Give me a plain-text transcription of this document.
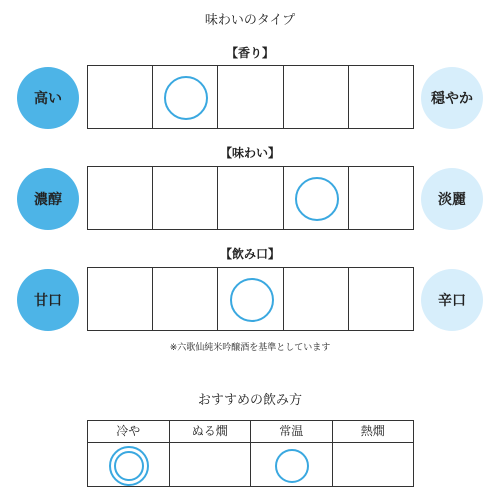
味わいのタイプ
【香り】
高い	穏やか
【味わい】
濃醇	淡麗
【飲み口】
甘口	辛口
※六歌仙純米吟醸酒を基準としています
おすすめの飲み方
冷や	ぬる燗	常温	熱燗
